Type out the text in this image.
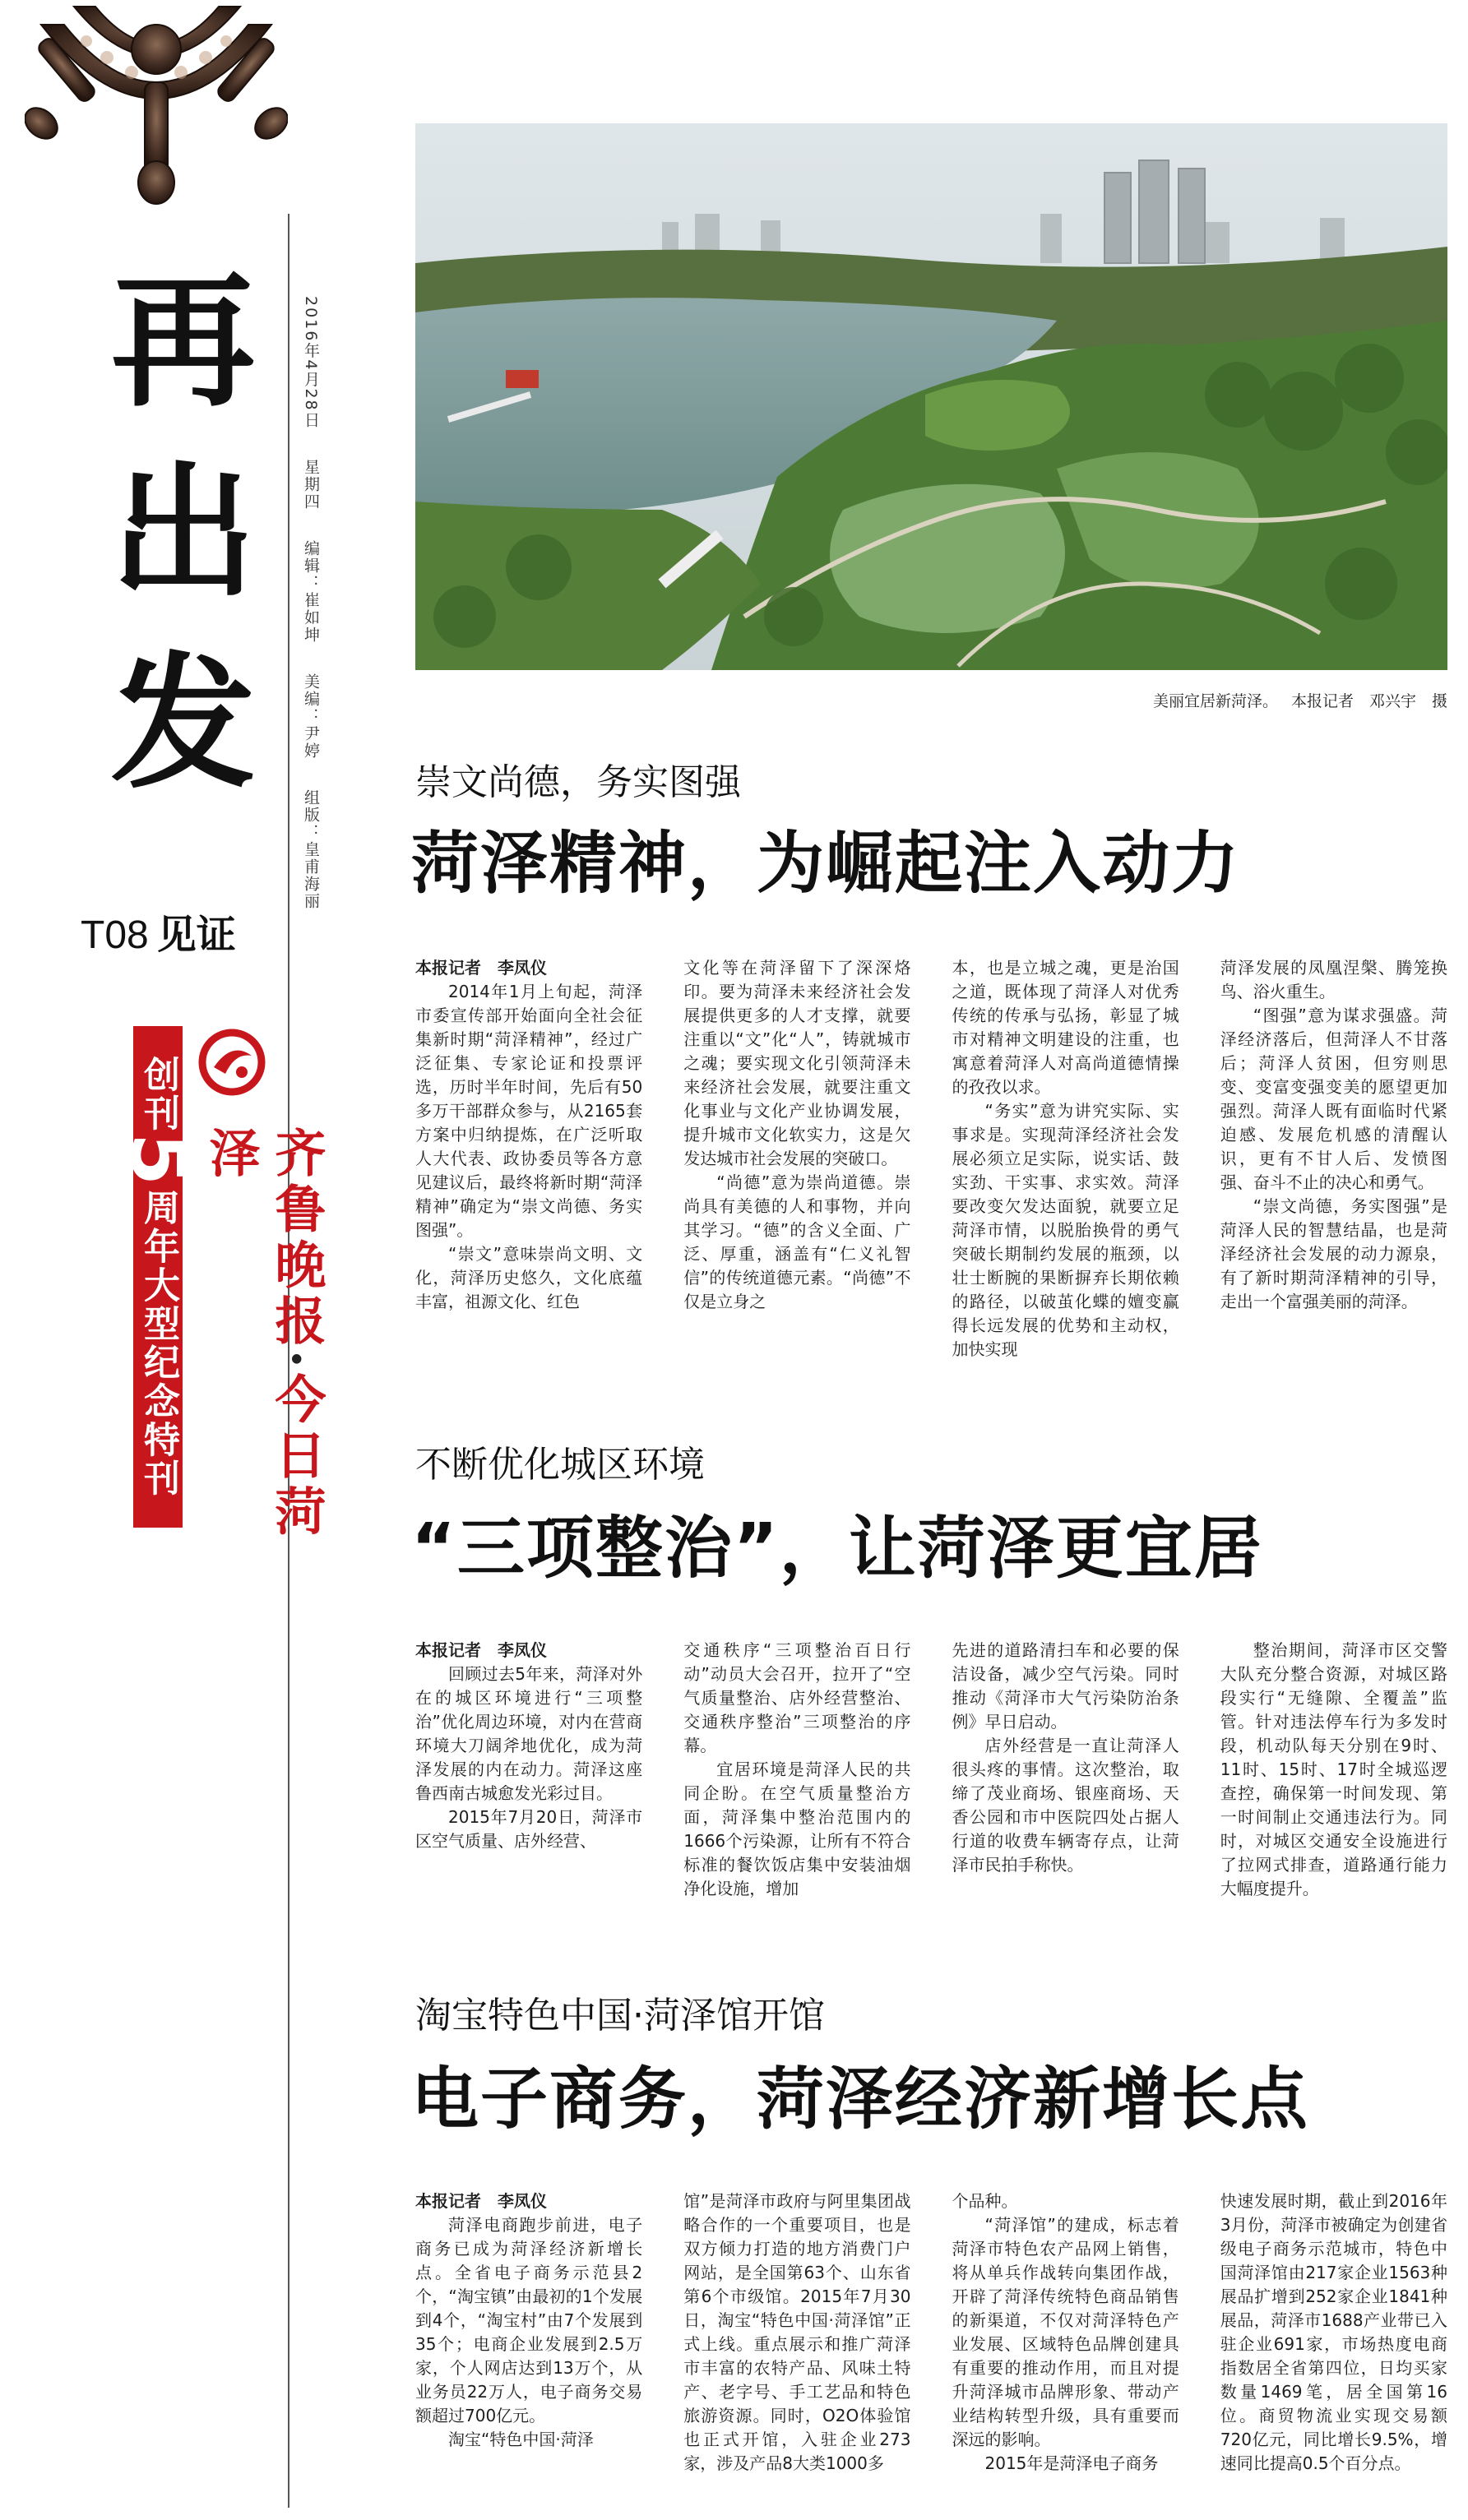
再出发
2016年4月28日 星期四 编辑：崔如坤 美编：尹婷 组版：皇甫海丽
T08 见证
创刊
5
周年大型纪念特刊	齐鲁晚报·今日菏泽
美丽宜居新菏泽。 本报记者　邓兴宇　摄
崇文尚德，务实图强
菏泽精神，为崛起注入动力

本报记者　李凤仪

2014年1月上旬起，菏泽市委宣传部开始面向全社会征集新时期“菏泽精神”，经过广泛征集、专家论证和投票评选，历时半年时间，先后有50多万干部群众参与，从2165套方案中归纳提炼，在广泛听取人大代表、政协委员等各方意见建议后，最终将新时期“菏泽精神”确定为“崇文尚德、务实图强”。

“崇文”意味崇尚文明、文化，菏泽历史悠久，文化底蕴丰富，祖源文化、红色

文化等在菏泽留下了深深烙印。要为菏泽未来经济社会发展提供更多的人才支撑，就要注重以“文”化“人”，铸就城市之魂；要实现文化引领菏泽未来经济社会发展，就要注重文化事业与文化产业协调发展，提升城市文化软实力，这是欠发达城市社会发展的突破口。

“尚德”意为崇尚道德。崇尚具有美德的人和事物，并向其学习。“德”的含义全面、广泛、厚重，涵盖有“仁义礼智信”的传统道德元素。“尚德”不仅是立身之

本，也是立城之魂，更是治国之道，既体现了菏泽人对优秀传统的传承与弘扬，彰显了城市对精神文明建设的注重，也寓意着菏泽人对高尚道德情操的孜孜以求。

“务实”意为讲究实际、实事求是。实现菏泽经济社会发展必须立足实际，说实话、鼓实劲、干实事、求实效。菏泽要改变欠发达面貌，就要立足菏泽市情，以脱胎换骨的勇气突破长期制约发展的瓶颈，以壮士断腕的果断摒弃长期依赖的路径，以破茧化蝶的嬗变赢得长远发展的优势和主动权，加快实现

菏泽发展的凤凰涅槃、腾笼换鸟、浴火重生。

“图强”意为谋求强盛。菏泽经济落后，但菏泽人不甘落后；菏泽人贫困，但穷则思变、变富变强变美的愿望更加强烈。菏泽人既有面临时代紧迫感、发展危机感的清醒认识，更有不甘人后、发愤图强、奋斗不止的决心和勇气。

“崇文尚德，务实图强”是菏泽人民的智慧结晶，也是菏泽经济社会发展的动力源泉，有了新时期菏泽精神的引导，走出一个富强美丽的菏泽。

不断优化城区环境
“三项整治”，让菏泽更宜居

本报记者　李凤仪

回顾过去5年来，菏泽对外在的城区环境进行“三项整治”优化周边环境，对内在营商环境大刀阔斧地优化，成为菏泽发展的内在动力。菏泽这座鲁西南古城愈发光彩过目。

2015年7月20日，菏泽市区空气质量、店外经营、

交通秩序“三项整治百日行动”动员大会召开，拉开了“空气质量整治、店外经营整治、交通秩序整治”三项整治的序幕。

宜居环境是菏泽人民的共同企盼。在空气质量整治方面，菏泽集中整治范围内的1666个污染源，让所有不符合标准的餐饮饭店集中安装油烟净化设施，增加

先进的道路清扫车和必要的保洁设备，减少空气污染。同时推动《菏泽市大气污染防治条例》早日启动。

店外经营是一直让菏泽人很头疼的事情。这次整治，取缔了茂业商场、银座商场、天香公园和市中医院四处占据人行道的收费车辆寄存点，让菏泽市民拍手称快。

整治期间，菏泽市区交警大队充分整合资源，对城区路段实行“无缝隙、全覆盖”监管。针对违法停车行为多发时段，机动队每天分别在9时、11时、15时、17时全城巡逻查控，确保第一时间发现、第一时间制止交通违法行为。同时，对城区交通安全设施进行了拉网式排查，道路通行能力大幅度提升。

淘宝特色中国·菏泽馆开馆
电子商务，菏泽经济新增长点

本报记者　李凤仪

菏泽电商跑步前进，电子商务已成为菏泽经济新增长点。全省电子商务示范县2个，“淘宝镇”由最初的1个发展到4个，“淘宝村”由7个发展到35个；电商企业发展到2.5万家，个人网店达到13万个，从业务员22万人，电子商务交易额超过700亿元。

淘宝“特色中国·菏泽

馆”是菏泽市政府与阿里集团战略合作的一个重要项目，也是双方倾力打造的地方消费门户网站，是全国第63个、山东省第6个市级馆。2015年7月30日，淘宝“特色中国·菏泽馆”正式上线。重点展示和推广菏泽市丰富的农特产品、风味土特产、老字号、手工艺品和特色旅游资源。同时，O2O体验馆也正式开馆，入驻企业273家，涉及产品8大类1000多

个品种。

“菏泽馆”的建成，标志着菏泽市特色农产品网上销售，将从单兵作战转向集团作战，开辟了菏泽传统特色商品销售的新渠道，不仅对菏泽特色产业发展、区域特色品牌创建具有重要的推动作用，而且对提升菏泽城市品牌形象、带动产业结构转型升级，具有重要而深远的影响。

2015年是菏泽电子商务

快速发展时期，截止到2016年3月份，菏泽市被确定为创建省级电子商务示范城市，特色中国菏泽馆由217家企业1563种展品扩增到252家企业1841种展品，菏泽市1688产业带已入驻企业691家，市场热度电商指数居全省第四位，日均买家数量1469笔，居全国第16位。商贸物流业实现交易额720亿元，同比增长9.5%，增速同比提高0.5个百分点。
